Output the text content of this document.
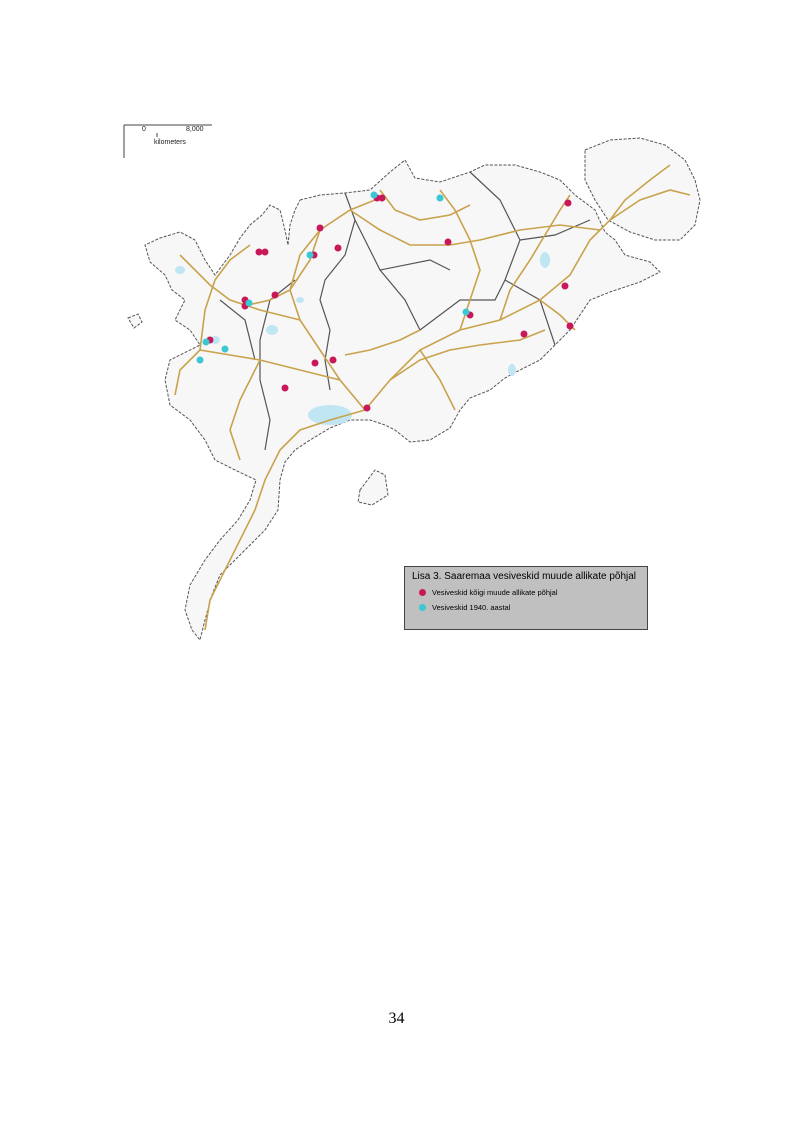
0	8,000
kilometers
Lisa 3. Saaremaa vesiveskid muude allikate põhjal
Vesiveskid kõigi muude allikate põhjal
Vesiveskid 1940. aastal
34
